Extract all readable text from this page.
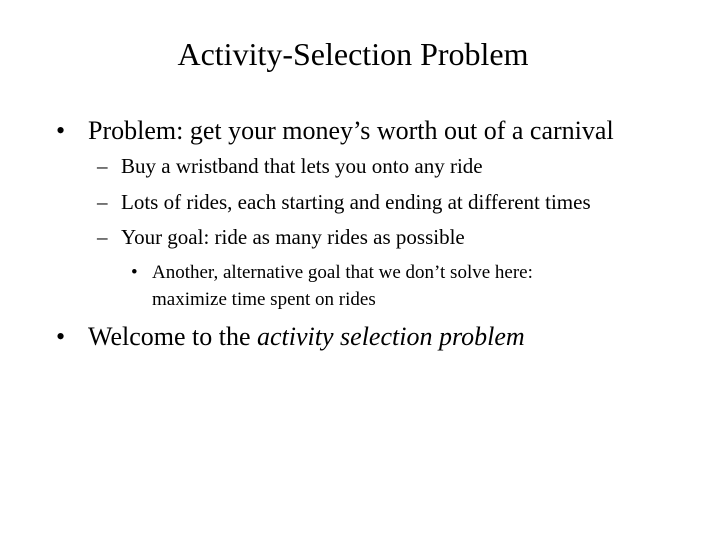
Activity-Selection Problem
• Problem: get your money’s worth out of a carnival
– Buy a wristband that lets you onto any ride
– Lots of rides, each starting and ending at different times
– Your goal: ride as many rides as possible
• Another, alternative goal that we don’t solve here:
maximize time spent on rides
• Welcome to the activity selection problem
